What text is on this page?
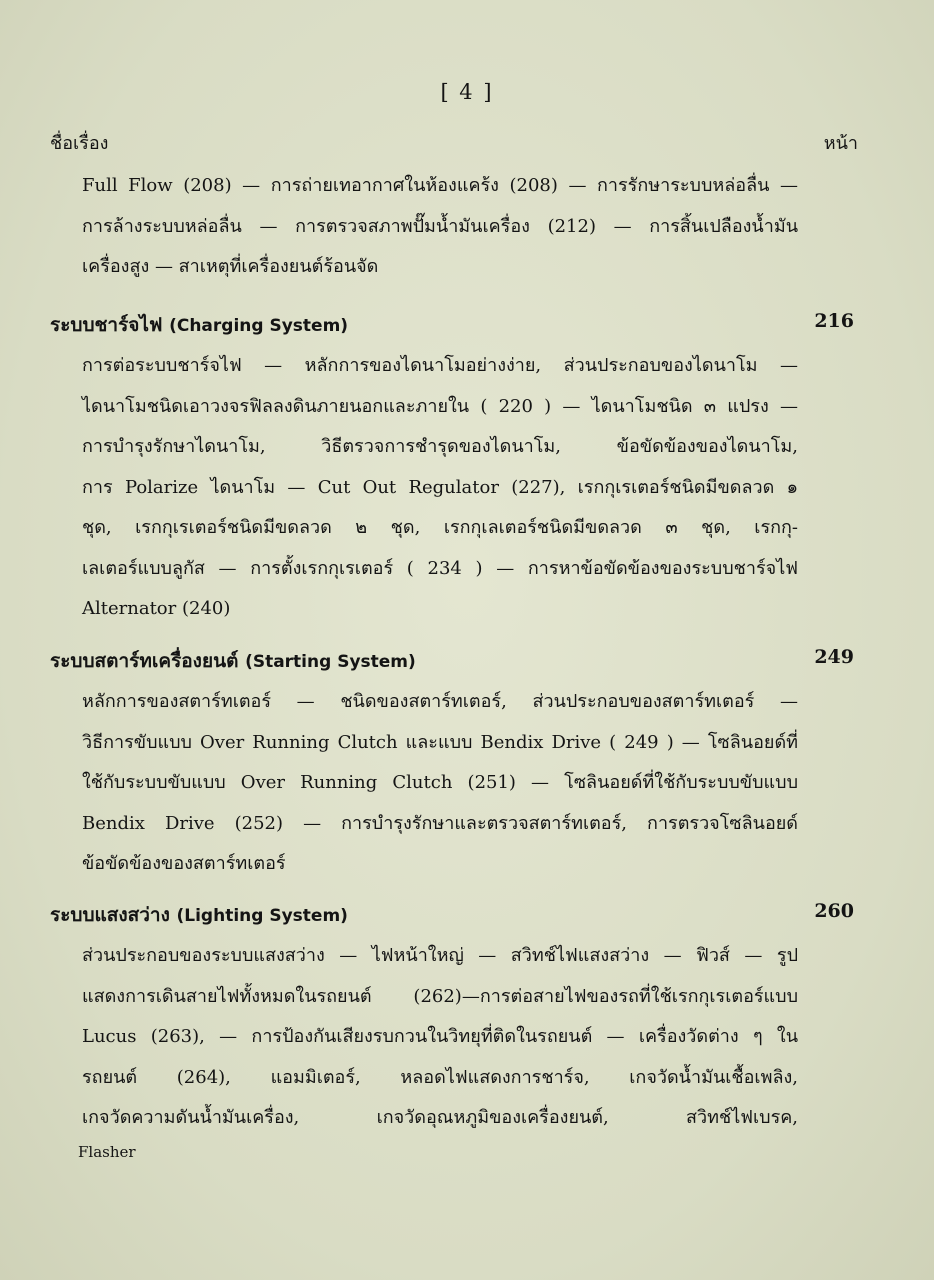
[ 4 ]
ชื่อเรื่อง	หน้า
Full Flow (208) — การถ่ายเทอากาศในห้องแคร้ง (208) — การรักษาระบบหล่อลื่น —
การล้างระบบหล่อลื่น — การตรวจสภาพปั๊มน้ำมันเครื่อง (212) — การสิ้นเปลืองน้ำมัน
เครื่องสูง — สาเหตุที่เครื่องยนต์ร้อนจัด
ระบบชาร์จไฟ (Charging System)	216
การต่อระบบชาร์จไฟ — หลักการของไดนาโมอย่างง่าย, ส่วนประกอบของไดนาโม —
ไดนาโมชนิดเอาวงจรฟิลลงดินภายนอกและภายใน ( 220 ) — ไดนาโมชนิด ๓ แปรง —
การบำรุงรักษาไดนาโม, วิธีตรวจการชำรุดของไดนาโม, ข้อขัดข้องของไดนาโม,
การ Polarize ไดนาโม — Cut Out Regulator (227), เรกกุเรเตอร์ชนิดมีขดลวด ๑
ชุด, เรกกุเรเตอร์ชนิดมีขดลวด ๒ ชุด, เรกกุเลเตอร์ชนิดมีขดลวด ๓ ชุด, เรกกุ-
เลเตอร์แบบลูกัส — การตั้งเรกกุเรเตอร์ ( 234 ) — การหาข้อขัดข้องของระบบชาร์จไฟ
Alternator (240)
ระบบสตาร์ทเครื่องยนต์ (Starting System)	249
หลักการของสตาร์ทเตอร์ — ชนิดของสตาร์ทเตอร์, ส่วนประกอบของสตาร์ทเตอร์ —
วิธีการขับแบบ Over Running Clutch และแบบ Bendix Drive ( 249 ) — โซลินอยด์ที่
ใช้กับระบบขับแบบ Over Running Clutch (251) — โซลินอยด์ที่ใช้กับระบบขับแบบ
Bendix Drive (252) — การบำรุงรักษาและตรวจสตาร์ทเตอร์, การตรวจโซลินอยด์
ข้อขัดข้องของสตาร์ทเตอร์
ระบบแสงสว่าง (Lighting System)	260
ส่วนประกอบของระบบแสงสว่าง — ไฟหน้าใหญ่ — สวิทช์ไฟแสงสว่าง — ฟิวส์ — รูป
แสดงการเดินสายไฟทั้งหมดในรถยนต์ (262)—การต่อสายไฟของรถที่ใช้เรกกุเรเตอร์แบบ
Lucus (263), — การป้องกันเสียงรบกวนในวิทยุที่ติดในรถยนต์ — เครื่องวัดต่าง ๆ ใน
รถยนต์ (264), แอมมิเตอร์, หลอดไฟแสดงการชาร์จ, เกจวัดน้ำมันเชื้อเพลิง,
เกจวัดความดันน้ำมันเครื่อง, เกจวัดอุณหภูมิของเครื่องยนต์, สวิทช์ไฟเบรค,
Flasher
